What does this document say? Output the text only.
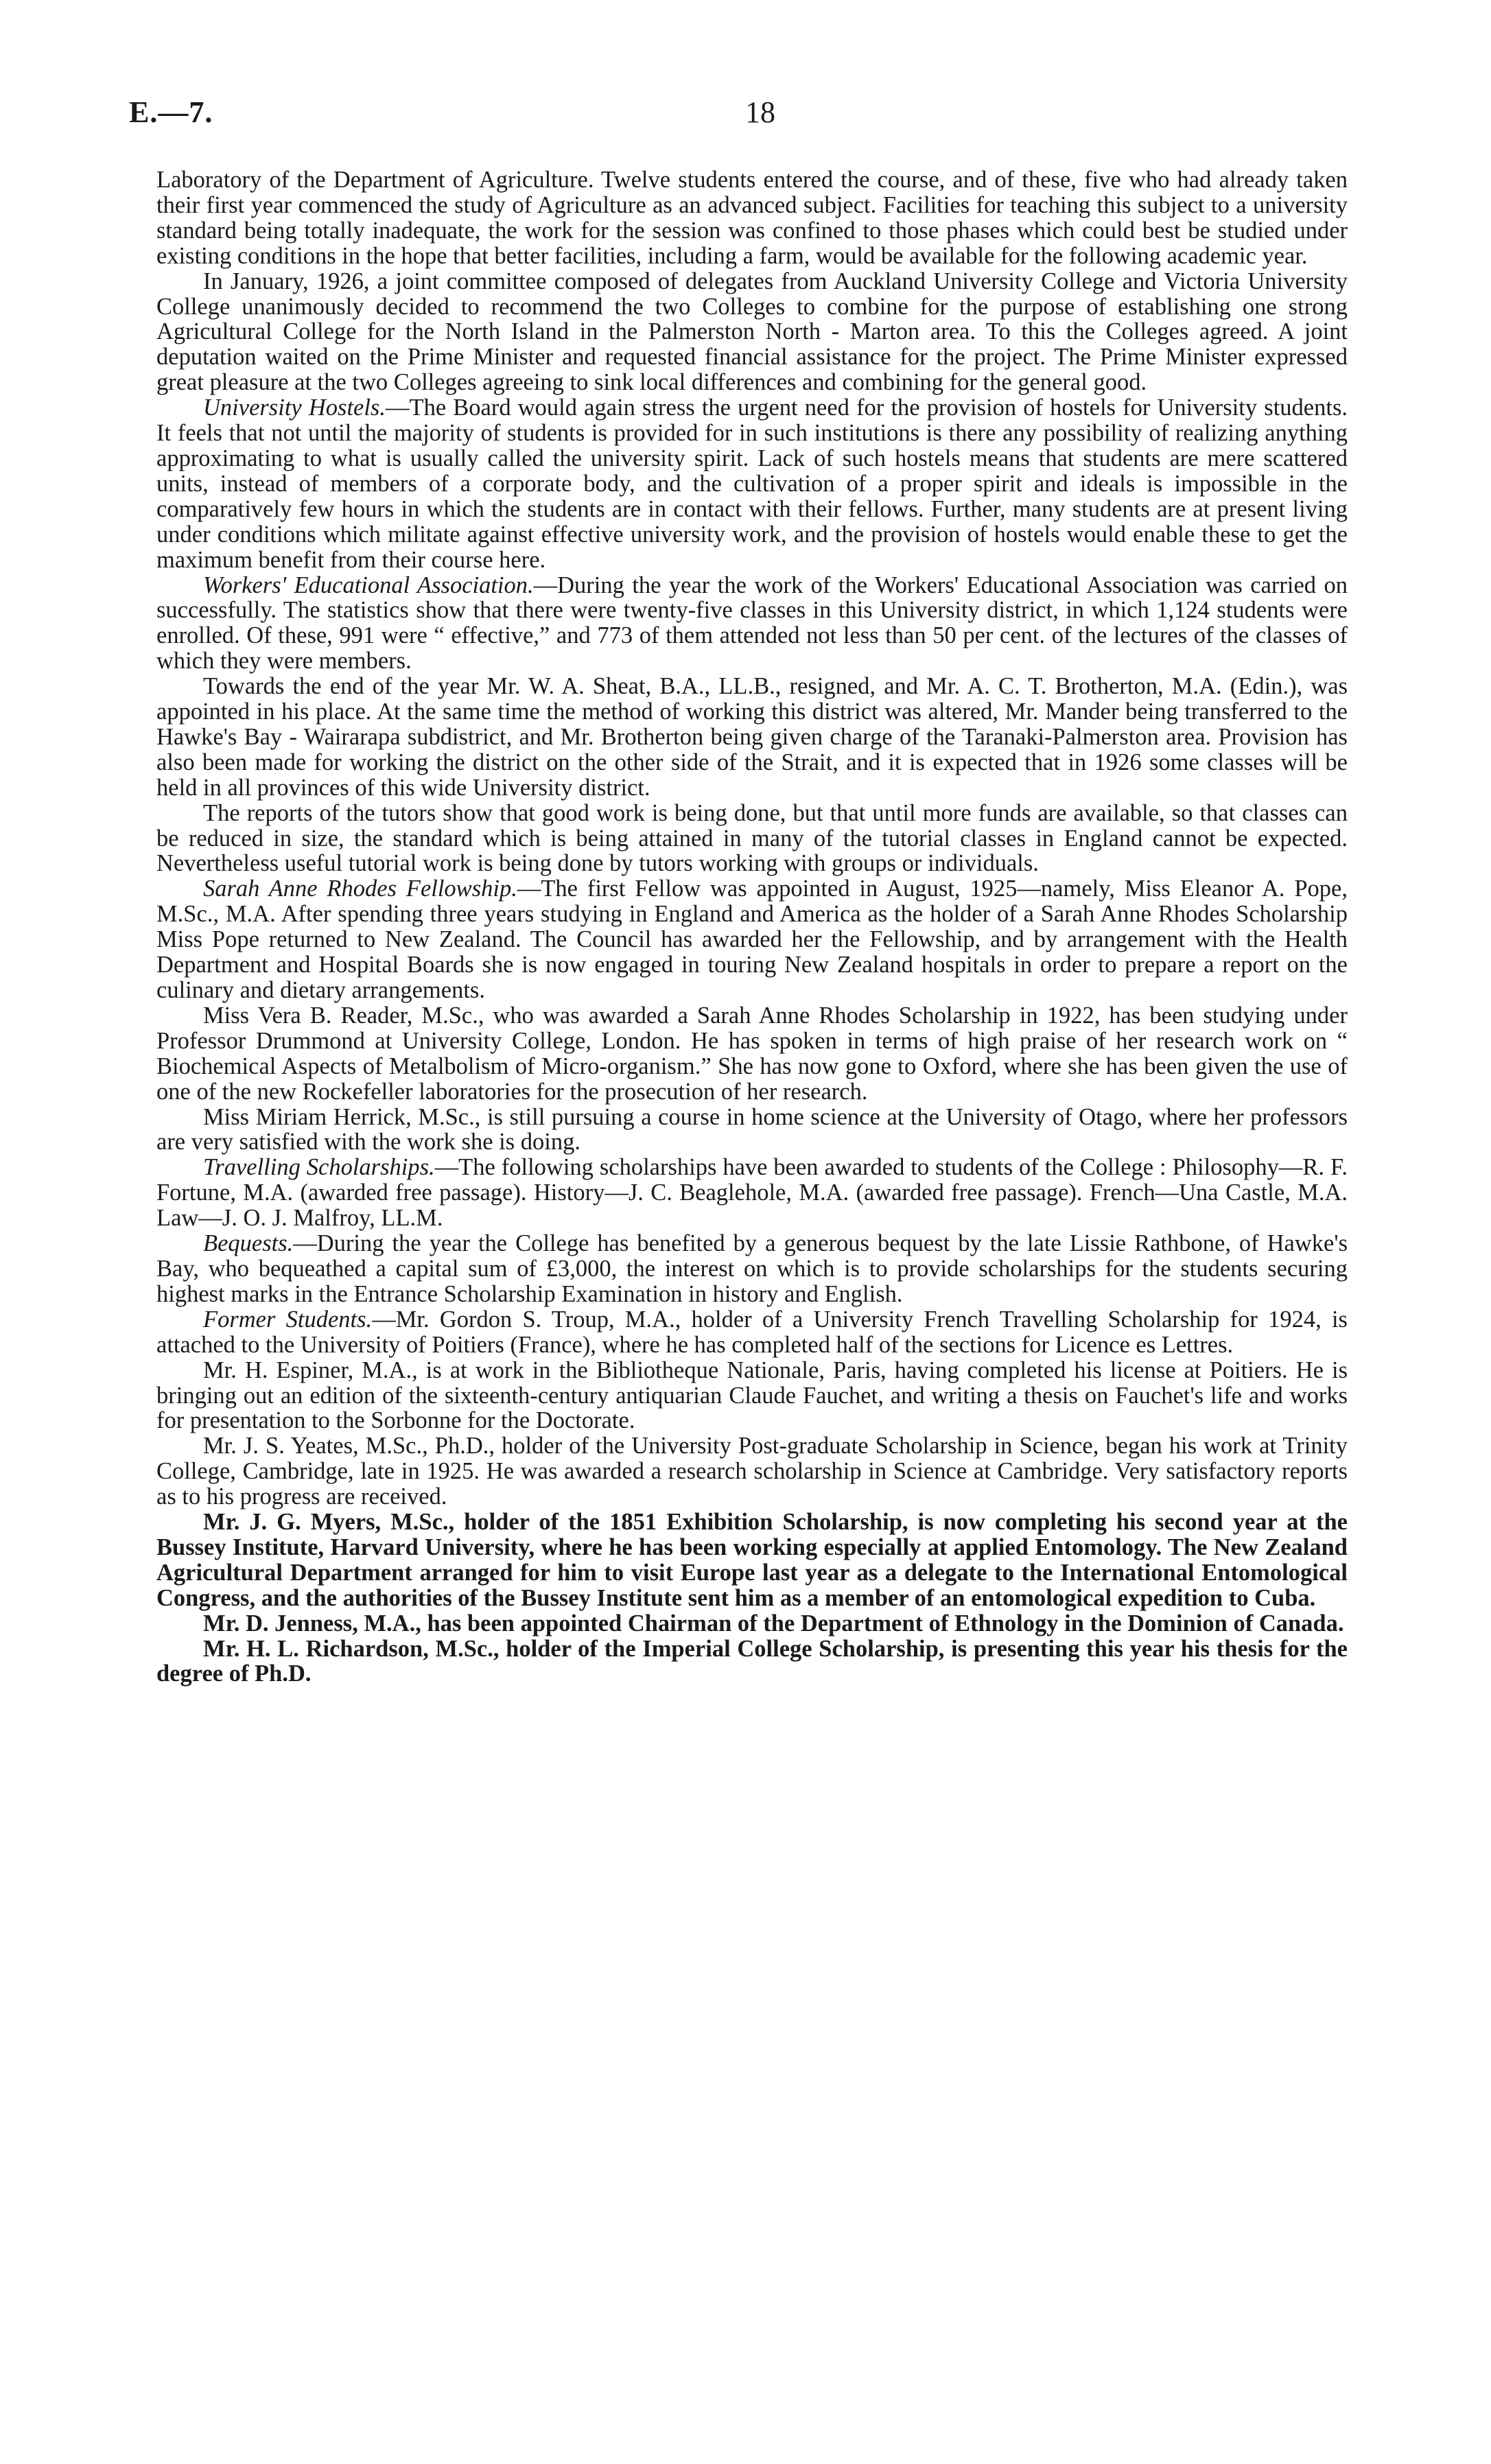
E.—7.	18

Laboratory of the Department of Agriculture. Twelve students entered the course, and of these, five who had already taken their first year commenced the study of Agriculture as an advanced subject. Facilities for teaching this subject to a university standard being totally inadequate, the work for the session was confined to those phases which could best be studied under existing conditions in the hope that better facilities, including a farm, would be available for the following academic year.

In January, 1926, a joint committee composed of delegates from Auckland University College and Victoria University College unanimously decided to recommend the two Colleges to combine for the purpose of establishing one strong Agricultural College for the North Island in the Palmerston North - Marton area. To this the Colleges agreed. A joint deputation waited on the Prime Minister and requested financial assistance for the project. The Prime Minister expressed great pleasure at the two Colleges agreeing to sink local differences and combining for the general good.

University Hostels.—The Board would again stress the urgent need for the provision of hostels for University students. It feels that not until the majority of students is provided for in such institutions is there any possibility of realizing anything approximating to what is usually called the university spirit. Lack of such hostels means that students are mere scattered units, instead of members of a corporate body, and the cultivation of a proper spirit and ideals is impossible in the comparatively few hours in which the students are in contact with their fellows. Further, many students are at present living under conditions which militate against effective university work, and the provision of hostels would enable these to get the maximum benefit from their course here.

Workers' Educational Association.—During the year the work of the Workers' Educational Association was carried on successfully. The statistics show that there were twenty-five classes in this University district, in which 1,124 students were enrolled. Of these, 991 were “ effective,” and 773 of them attended not less than 50 per cent. of the lectures of the classes of which they were members.

Towards the end of the year Mr. W. A. Sheat, B.A., LL.B., resigned, and Mr. A. C. T. Brotherton, M.A. (Edin.), was appointed in his place. At the same time the method of working this district was altered, Mr. Mander being transferred to the Hawke's Bay - Wairarapa subdistrict, and Mr. Brotherton being given charge of the Taranaki-Palmerston area. Provision has also been made for working the district on the other side of the Strait, and it is expected that in 1926 some classes will be held in all provinces of this wide University district.

The reports of the tutors show that good work is being done, but that until more funds are available, so that classes can be reduced in size, the standard which is being attained in many of the tutorial classes in England cannot be expected. Nevertheless useful tutorial work is being done by tutors working with groups or individuals.

Sarah Anne Rhodes Fellowship.—The first Fellow was appointed in August, 1925—namely, Miss Eleanor A. Pope, M.Sc., M.A. After spending three years studying in England and America as the holder of a Sarah Anne Rhodes Scholarship Miss Pope returned to New Zealand. The Council has awarded her the Fellowship, and by arrangement with the Health Department and Hospital Boards she is now engaged in touring New Zealand hospitals in order to prepare a report on the culinary and dietary arrangements.

Miss Vera B. Reader, M.Sc., who was awarded a Sarah Anne Rhodes Scholarship in 1922, has been studying under Professor Drummond at University College, London. He has spoken in terms of high praise of her research work on “ Biochemical Aspects of Metalbolism of Micro-organism.” She has now gone to Oxford, where she has been given the use of one of the new Rockefeller laboratories for the prosecution of her research.

Miss Miriam Herrick, M.Sc., is still pursuing a course in home science at the University of Otago, where her professors are very satisfied with the work she is doing.

Travelling Scholarships.—The following scholarships have been awarded to students of the College : Philosophy—R. F. Fortune, M.A. (awarded free passage). History—J. C. Beaglehole, M.A. (awarded free passage). French—Una Castle, M.A. Law—J. O. J. Malfroy, LL.M.

Bequests.—During the year the College has benefited by a generous bequest by the late Lissie Rathbone, of Hawke's Bay, who bequeathed a capital sum of £3,000, the interest on which is to provide scholarships for the students securing highest marks in the Entrance Scholarship Examination in history and English.

Former Students.—Mr. Gordon S. Troup, M.A., holder of a University French Travelling Scholarship for 1924, is attached to the University of Poitiers (France), where he has completed half of the sections for Licence es Lettres.

Mr. H. Espiner, M.A., is at work in the Bibliotheque Nationale, Paris, having completed his license at Poitiers. He is bringing out an edition of the sixteenth-century antiquarian Claude Fauchet, and writing a thesis on Fauchet's life and works for presentation to the Sorbonne for the Doctorate.

Mr. J. S. Yeates, M.Sc., Ph.D., holder of the University Post-graduate Scholarship in Science, began his work at Trinity College, Cambridge, late in 1925. He was awarded a research scholarship in Science at Cambridge. Very satisfactory reports as to his progress are received.

Mr. J. G. Myers, M.Sc., holder of the 1851 Exhibition Scholarship, is now completing his second year at the Bussey Institute, Harvard University, where he has been working especially at applied Entomology. The New Zealand Agricultural Department arranged for him to visit Europe last year as a delegate to the International Entomological Congress, and the authorities of the Bussey Institute sent him as a member of an entomological expedition to Cuba.

Mr. D. Jenness, M.A., has been appointed Chairman of the Department of Ethnology in the Dominion of Canada.

Mr. H. L. Richardson, M.Sc., holder of the Imperial College Scholarship, is presenting this year his thesis for the degree of Ph.D.
